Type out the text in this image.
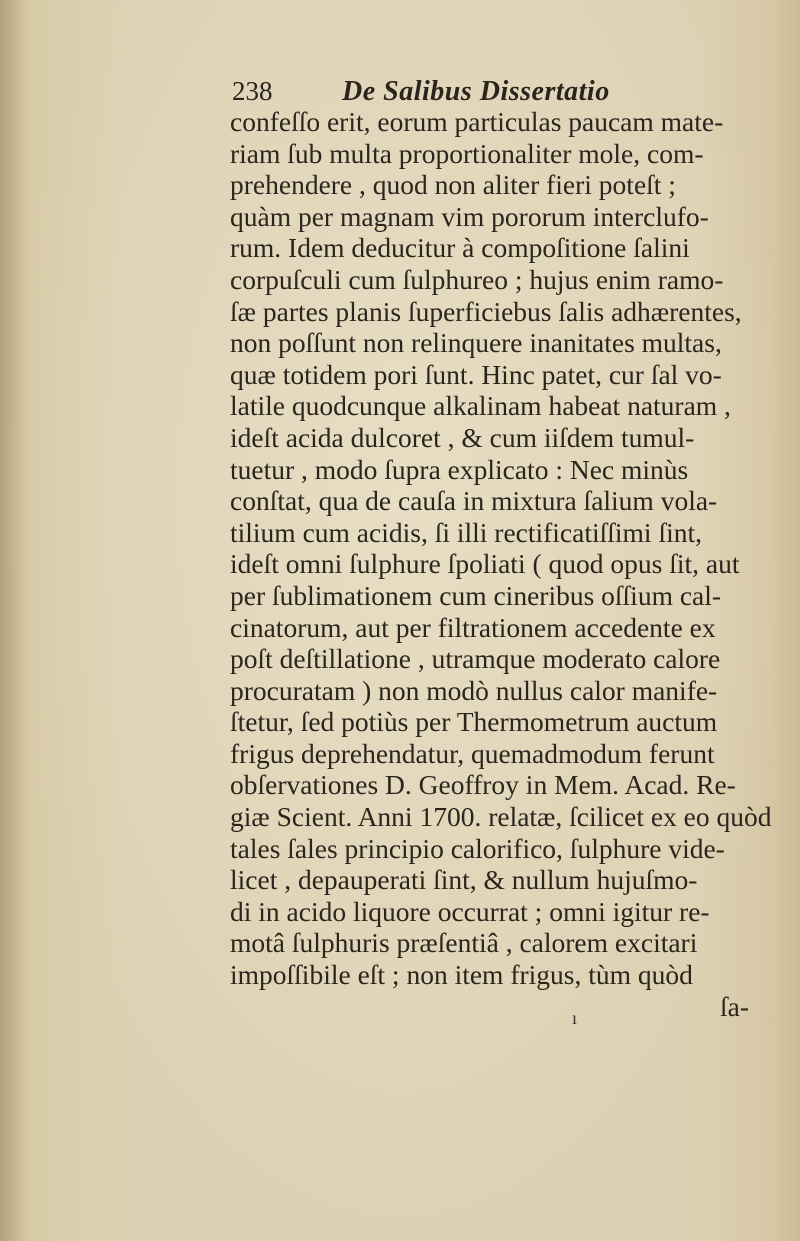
238 De Salibus Dissertatio
confeſſo erit, eorum particulas paucam mate-
riam ſub multa proportionaliter mole, com-
prehendere , quod non aliter fieri poteſt ;
quàm per magnam vim pororum interclufo-
rum. Idem deducitur à compoſitione ſalini
corpuſculi cum ſulphureo ; hujus enim ramo-
ſæ partes planis ſuperficiebus ſalis adhærentes,
non poſſunt non relinquere inanitates multas,
quæ totidem pori ſunt. Hinc patet, cur ſal vo-
latile quodcunque alkalinam habeat naturam ,
ideſt acida dulcoret , & cum iiſdem tumul-
tuetur , modo ſupra explicato : Nec minùs
conſtat, qua de cauſa in mixtura ſalium vola-
tilium cum acidis, ſi illi rectificatiſſimi ſint,
ideſt omni ſulphure ſpoliati ( quod opus ſit, aut
per ſublimationem cum cineribus oſſium cal-
cinatorum, aut per filtrationem accedente ex
poſt deſtillatione , utramque moderato calore
procuratam ) non modò nullus calor manife-
ſtetur, ſed potiùs per Thermometrum auctum
frigus deprehendatur, quemadmodum ferunt
obſervationes D. Geoffroy in Mem. Acad. Re-
giæ Scient. Anni 1700. relatæ, ſcilicet ex eo quòd
tales ſales principio calorifico, ſulphure vide-
licet , depauperati ſint, & nullum hujuſmo-
di in acido liquore occurrat ; omni igitur re-
motâ ſulphuris præſentiâ , calorem excitari
impoſſibile eſt ; non item frigus, tùm quòd
ſa-
ı
